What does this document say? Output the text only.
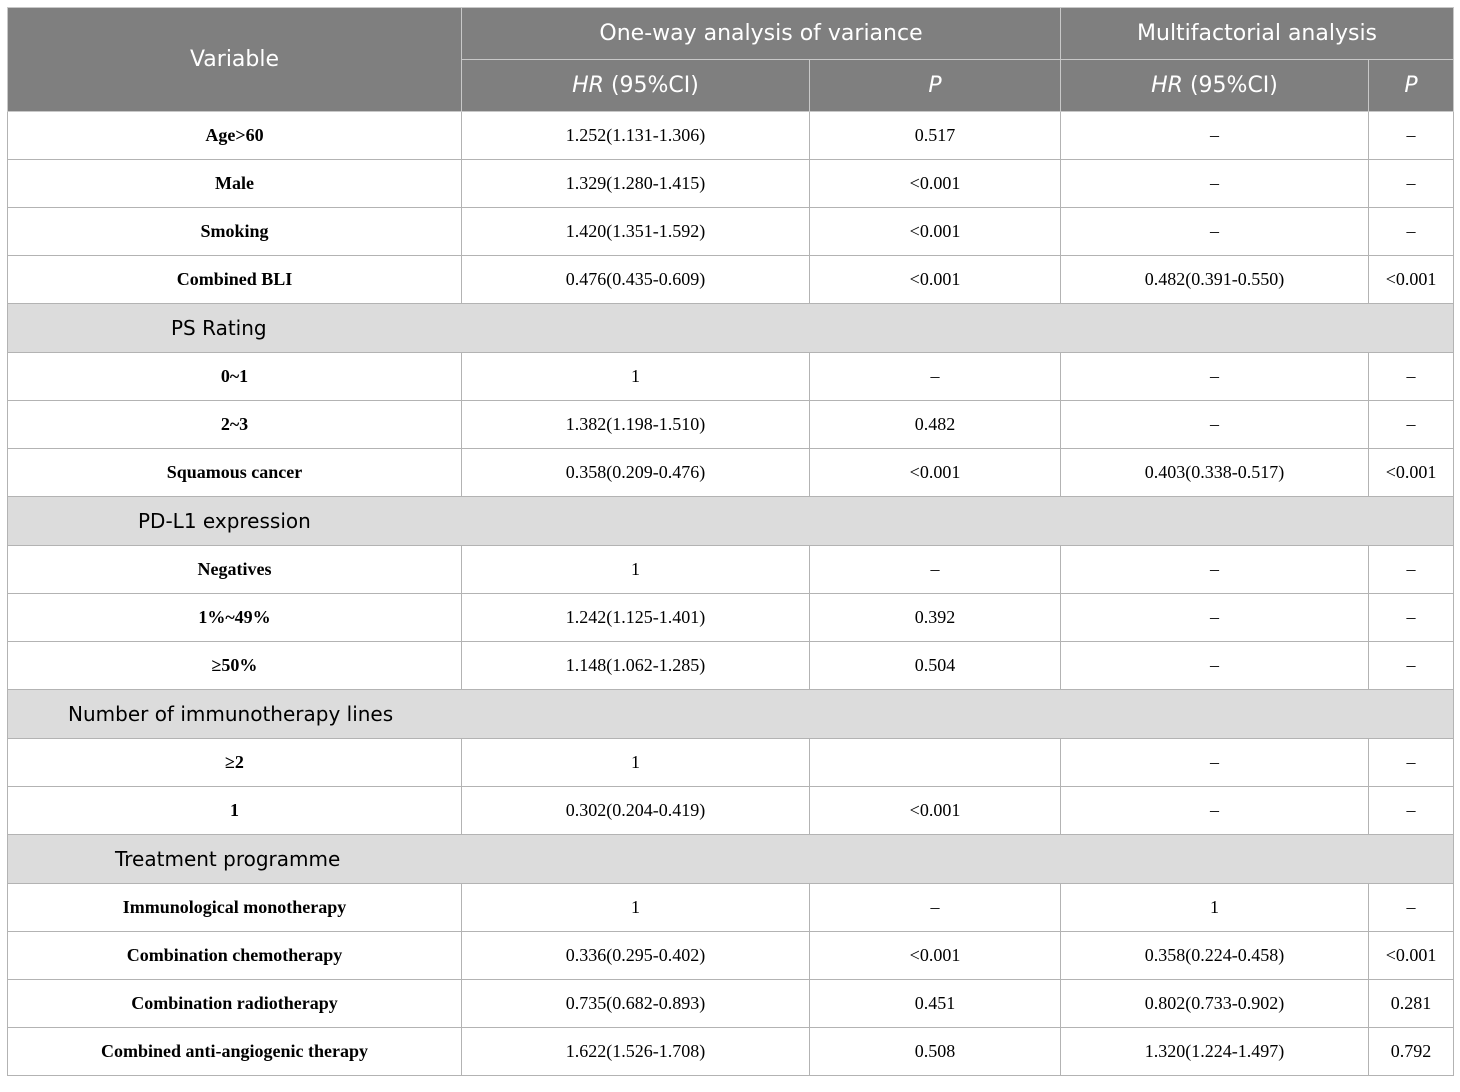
Variable	One-way analysis of variance		Multifactorial analysis	
	HR (95%CI)	P	HR (95%CI)	P
Age>60	1.252(1.131-1.306)	0.517	–	–
Male	1.329(1.280-1.415)	<0.001	–	–
Smoking	1.420(1.351-1.592)	<0.001	–	–
Combined BLI	0.476(0.435-0.609)	<0.001	0.482(0.391-0.550)	<0.001
PS Rating				
0~1	1	–	–	–
2~3	1.382(1.198-1.510)	0.482	–	–
Squamous cancer	0.358(0.209-0.476)	<0.001	0.403(0.338-0.517)	<0.001
PD-L1 expression				
Negatives	1	–	–	–
1%~49%	1.242(1.125-1.401)	0.392	–	–
≥50%	1.148(1.062-1.285)	0.504	–	–
Number of immunotherapy lines				
≥2	1		–	–
1	0.302(0.204-0.419)	<0.001	–	–
Treatment programme				
Immunological monotherapy	1	–	1	–
Combination chemotherapy	0.336(0.295-0.402)	<0.001	0.358(0.224-0.458)	<0.001
Combination radiotherapy	0.735(0.682-0.893)	0.451	0.802(0.733-0.902)	0.281
Combined anti-angiogenic therapy	1.622(1.526-1.708)	0.508	1.320(1.224-1.497)	0.792
